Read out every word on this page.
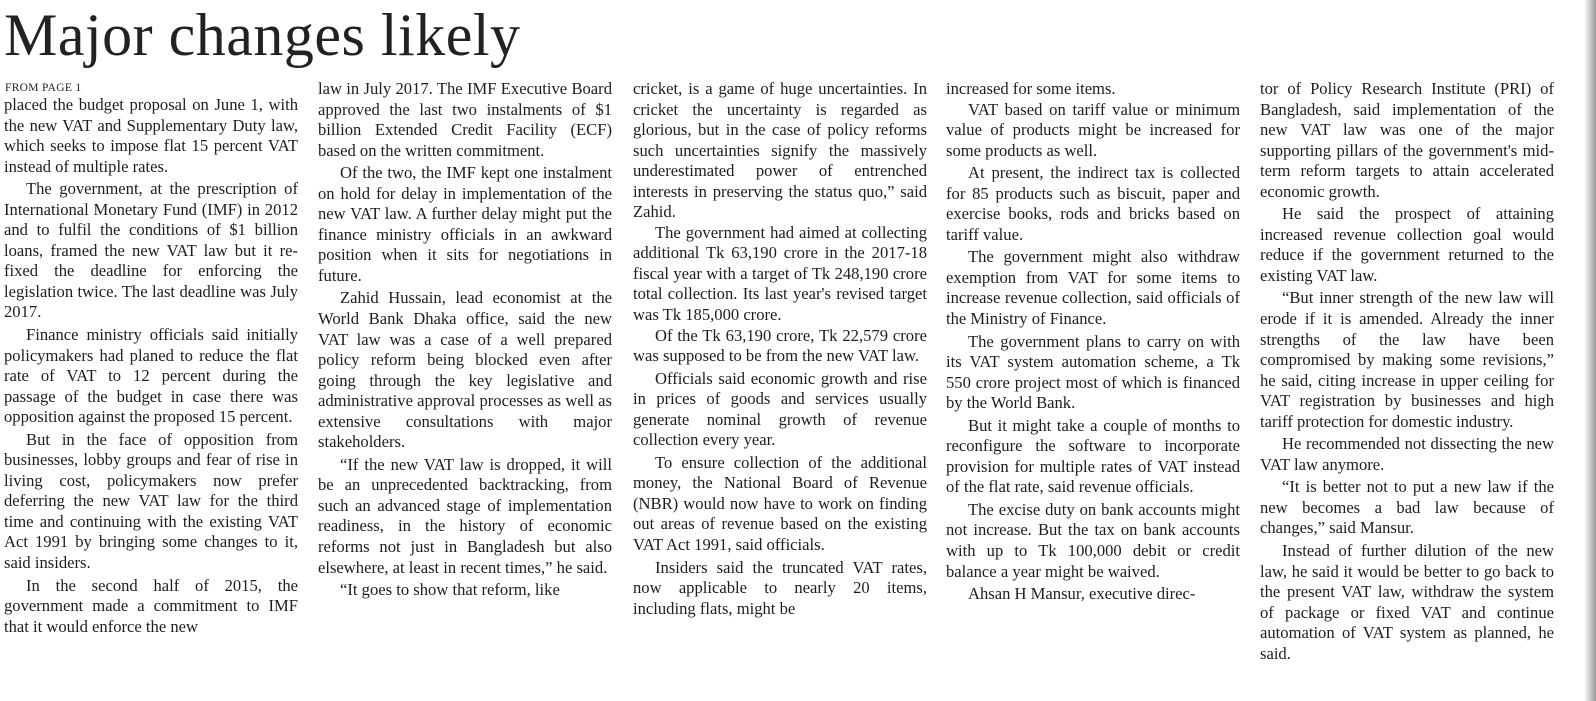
Major changes likely
FROM PAGE 1

placed the budget proposal on June 1, with the new VAT and Supplementary Duty law, which seeks to impose flat 15 percent VAT instead of multiple rates.

The government, at the prescription of International Monetary Fund (IMF) in 2012 and to fulfil the conditions of $1 billion loans, framed the new VAT law but it re-fixed the deadline for enforcing the legislation twice. The last deadline was July 2017.

Finance ministry officials said initially policymakers had planed to reduce the flat rate of VAT to 12 percent during the passage of the budget in case there was opposition against the proposed 15 percent.

But in the face of opposition from businesses, lobby groups and fear of rise in living cost, policymakers now prefer deferring the new VAT law for the third time and continuing with the existing VAT Act 1991 by bringing some changes to it, said insiders.

In the second half of 2015, the government made a commitment to IMF that it would enforce the new

law in July 2017. The IMF Executive Board approved the last two instalments of $1 billion Extended Credit Facility (ECF) based on the written commitment.

Of the two, the IMF kept one instalment on hold for delay in implementation of the new VAT law. A further delay might put the finance ministry officials in an awkward position when it sits for negotiations in future.

Zahid Hussain, lead economist at the World Bank Dhaka office, said the new VAT law was a case of a well prepared policy reform being blocked even after going through the key legislative and administrative approval processes as well as extensive consultations with major stakeholders.

“If the new VAT law is dropped, it will be an unprecedented backtracking, from such an advanced stage of implementation readiness, in the history of economic reforms not just in Bangladesh but also elsewhere, at least in recent times,” he said.

“It goes to show that reform, like

cricket, is a game of huge uncertainties. In cricket the uncertainty is regarded as glorious, but in the case of policy reforms such uncertainties signify the massively underestimated power of entrenched interests in preserving the status quo,” said Zahid.

The government had aimed at collecting additional Tk 63,190 crore in the 2017-18 fiscal year with a target of Tk 248,190 crore total collection. Its last year's revised target was Tk 185,000 crore.

Of the Tk 63,190 crore, Tk 22,579 crore was supposed to be from the new VAT law.

Officials said economic growth and rise in prices of goods and services usually generate nominal growth of revenue collection every year.

To ensure collection of the additional money, the National Board of Revenue (NBR) would now have to work on finding out areas of revenue based on the existing VAT Act 1991, said officials.

Insiders said the truncated VAT rates, now applicable to nearly 20 items, including flats, might be

increased for some items.

VAT based on tariff value or minimum value of products might be increased for some products as well.

At present, the indirect tax is collected for 85 products such as biscuit, paper and exercise books, rods and bricks based on tariff value.

The government might also withdraw exemption from VAT for some items to increase revenue collection, said officials of the Ministry of Finance.

The government plans to carry on with its VAT system automation scheme, a Tk 550 crore project most of which is financed by the World Bank.

But it might take a couple of months to reconfigure the software to incorporate provision for multiple rates of VAT instead of the flat rate, said revenue officials.

The excise duty on bank accounts might not increase. But the tax on bank accounts with up to Tk 100,000 debit or credit balance a year might be waived.

Ahsan H Mansur, executive direc-

tor of Policy Research Institute (PRI) of Bangladesh, said implementation of the new VAT law was one of the major supporting pillars of the government's mid-term reform targets to attain accelerated economic growth.

He said the prospect of attaining increased revenue collection goal would reduce if the government returned to the existing VAT law.

“But inner strength of the new law will erode if it is amended. Already the inner strengths of the law have been compromised by making some revisions,” he said, citing increase in upper ceiling for VAT registration by businesses and high tariff protection for domestic industry.

He recommended not dissecting the new VAT law anymore.

“It is better not to put a new law if the new becomes a bad law because of changes,” said Mansur.

Instead of further dilution of the new law, he said it would be better to go back to the present VAT law, withdraw the system of package or fixed VAT and continue automation of VAT system as planned, he said.
